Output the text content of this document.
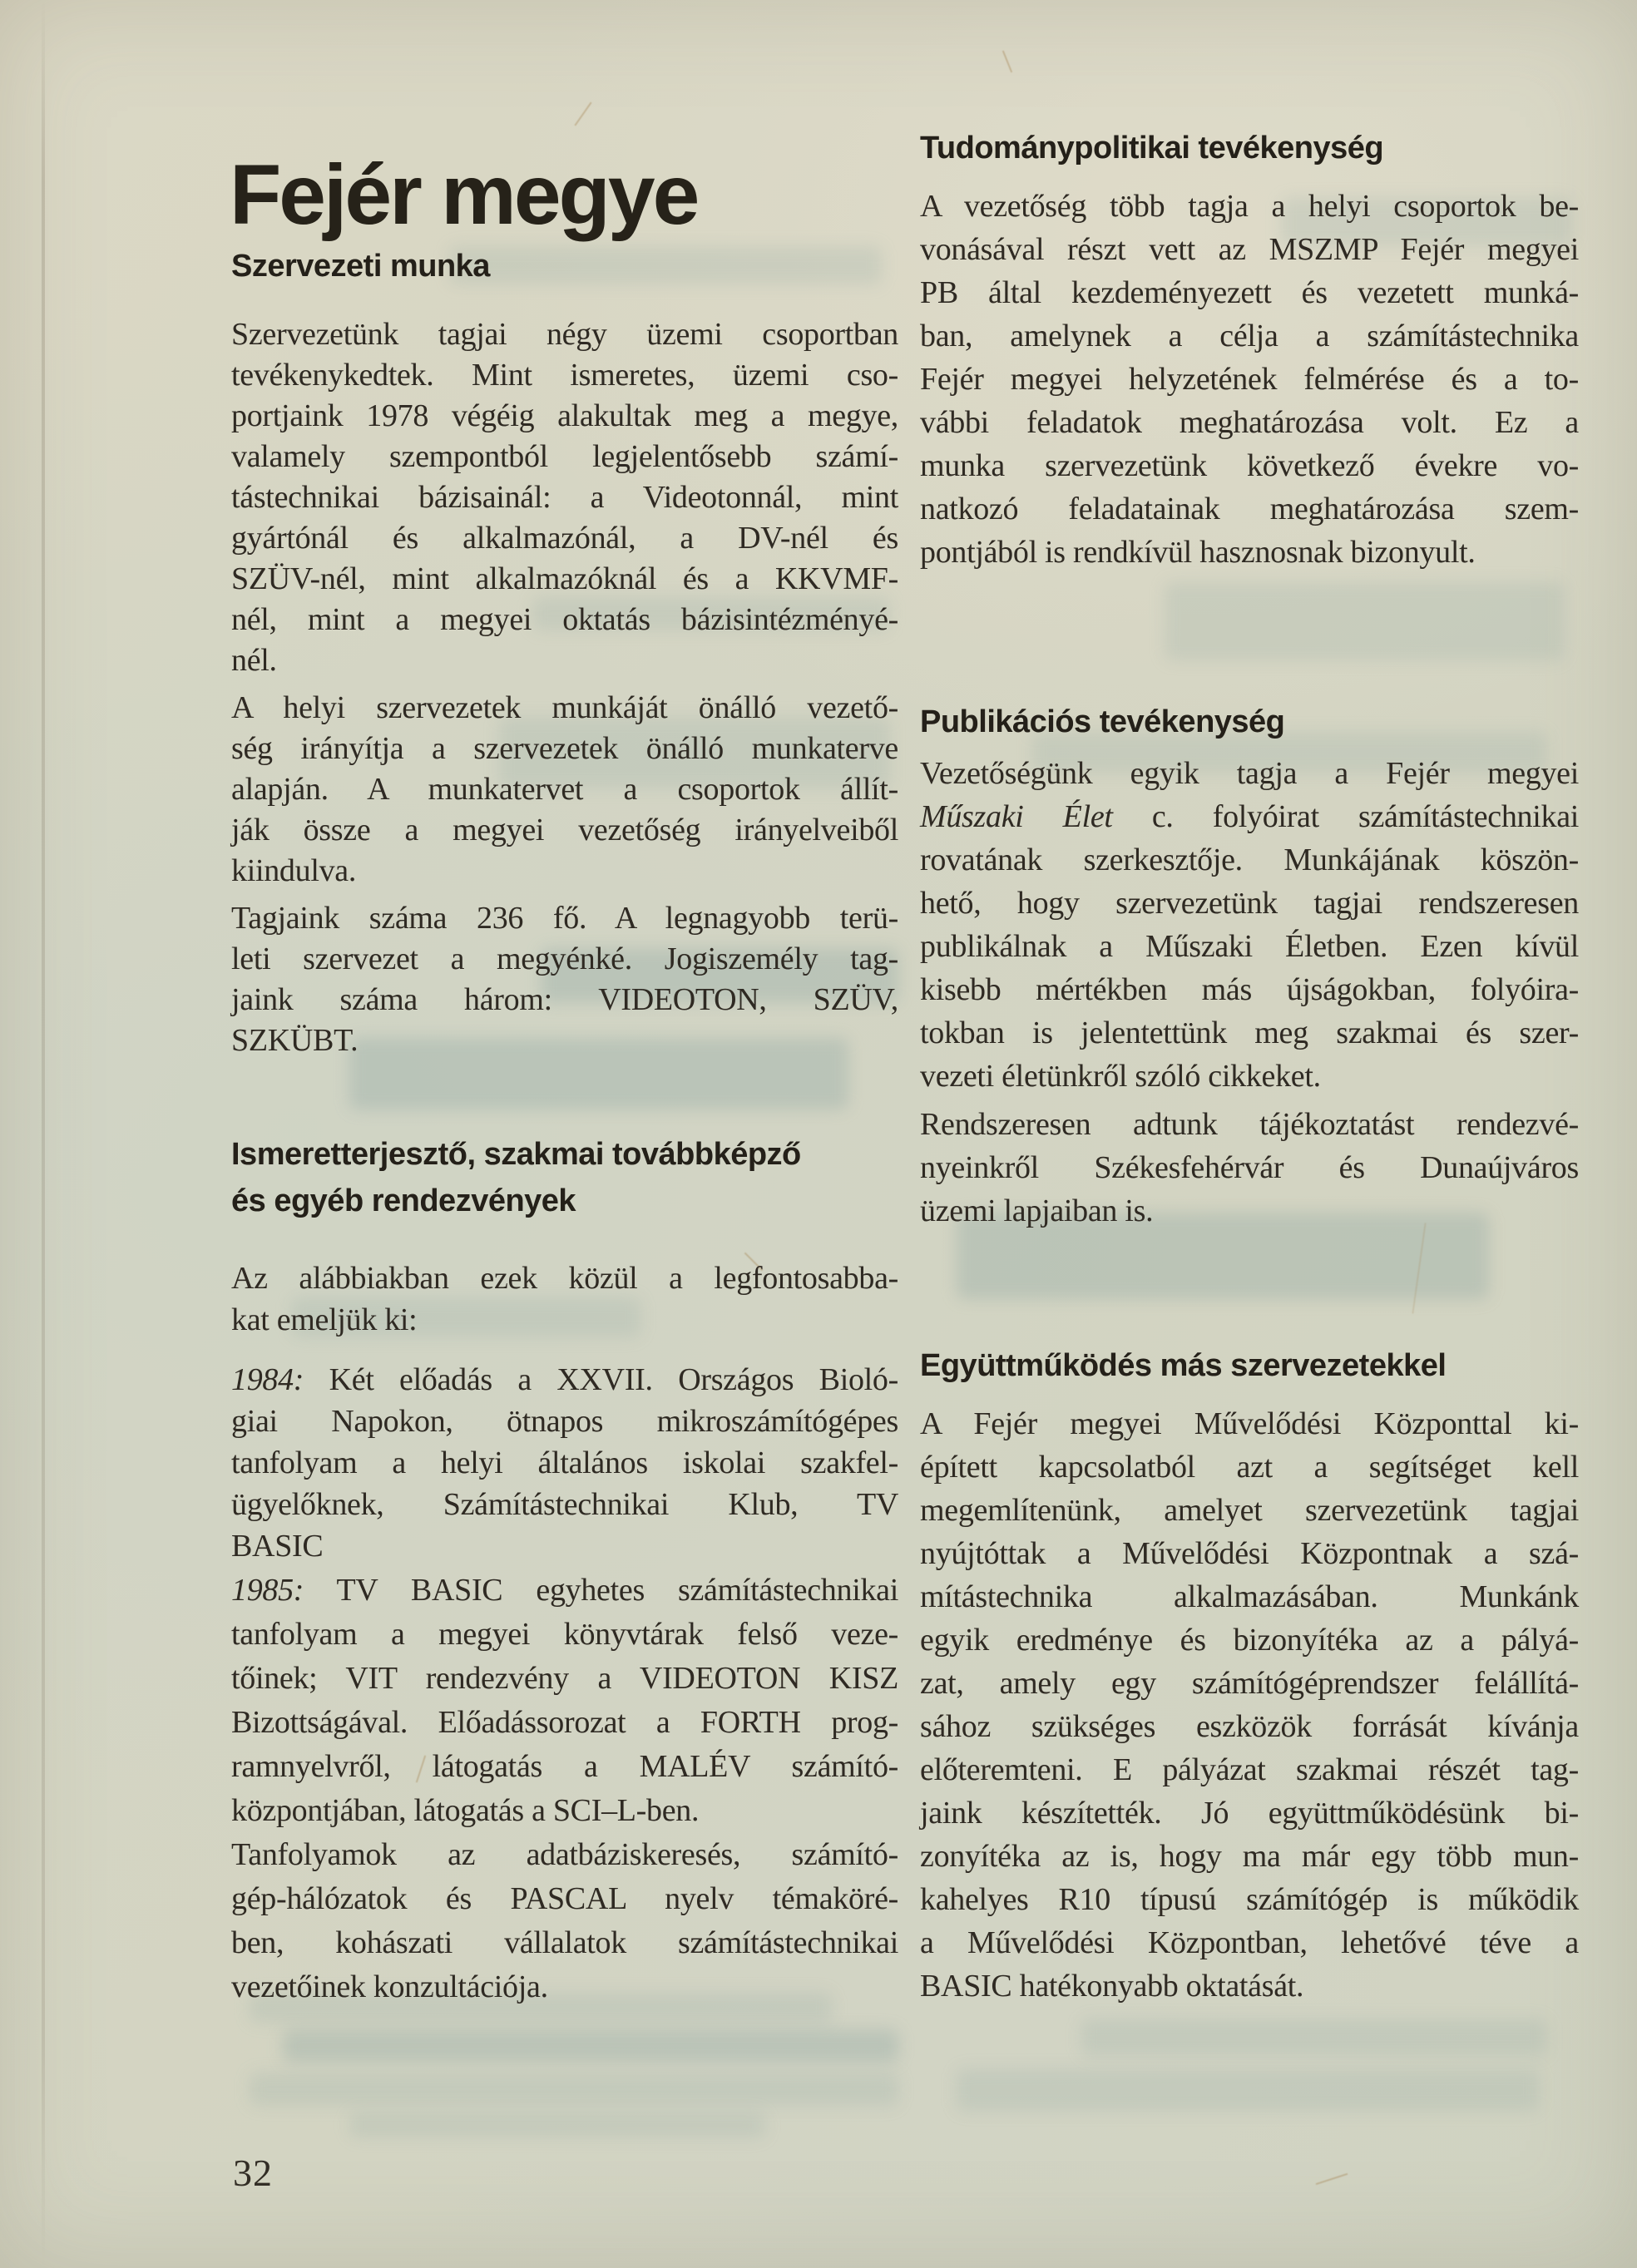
Fejér megye
Szervezeti munka
Szervezetünk tagjai négy üzemi csoportban
tevékenykedtek. Mint ismeretes, üzemi cso-
portjaink 1978 végéig alakultak meg a megye,
valamely szempontból legjelentősebb számí-
tástechnikai bázisainál: a Videotonnál, mint
gyártónál és alkalmazónál, a DV-nél és
SZÜV-nél, mint alkalmazóknál és a KKVMF-
nél, mint a megyei oktatás bázisintézményé-
nél.
A helyi szervezetek munkáját önálló vezető-
ség irányítja a szervezetek önálló munkaterve
alapján. A munkatervet a csoportok állít-
ják össze a megyei vezetőség irányelveiből
kiindulva.
Tagjaink száma 236 fő. A legnagyobb terü-
leti szervezet a megyénké. Jogiszemély tag-
jaink száma három: VIDEOTON, SZÜV,
SZKÜBT.
Ismeretterjesztő, szakmai továbbképző
és egyéb rendezvények
Az alábbiakban ezek közül a legfontosabba-
kat emeljük ki:
1984: Két előadás a XXVII. Országos Bioló-
giai Napokon, ötnapos mikroszámítógépes
tanfolyam a helyi általános iskolai szakfel-
ügyelőknek, Számítástechnikai Klub, TV
BASIC
1985: TV BASIC egyhetes számítástechnikai
tanfolyam a megyei könyvtárak felső veze-
tőinek; VIT rendezvény a VIDEOTON KISZ
Bizottságával. Előadássorozat a FORTH prog-
ramnyelvről, látogatás a MALÉV számító-
központjában, látogatás a SCI–L-ben.
Tanfolyamok az adatbáziskeresés, számító-
gép-hálózatok és PASCAL nyelv témaköré-
ben, kohászati vállalatok számítástechnikai
vezetőinek konzultációja.
32
Tudománypolitikai tevékenység
A vezetőség több tagja a helyi csoportok be-
vonásával részt vett az MSZMP Fejér megyei
PB által kezdeményezett és vezetett munká-
ban, amelynek a célja a számítástechnika
Fejér megyei helyzetének felmérése és a to-
vábbi feladatok meghatározása volt. Ez a
munka szervezetünk következő évekre vo-
natkozó feladatainak meghatározása szem-
pontjából is rendkívül hasznosnak bizonyult.
Publikációs tevékenység
Vezetőségünk egyik tagja a Fejér megyei
Műszaki Élet c. folyóirat számítástechnikai
rovatának szerkesztője. Munkájának köszön-
hető, hogy szervezetünk tagjai rendszeresen
publikálnak a Műszaki Életben. Ezen kívül
kisebb mértékben más újságokban, folyóira-
tokban is jelentettünk meg szakmai és szer-
vezeti életünkről szóló cikkeket.
Rendszeresen adtunk tájékoztatást rendezvé-
nyeinkről Székesfehérvár és Dunaújváros
üzemi lapjaiban is.
Együttműködés más szervezetekkel
A Fejér megyei Művelődési Központtal ki-
épített kapcsolatból azt a segítséget kell
megemlítenünk, amelyet szervezetünk tagjai
nyújtóttak a Művelődési Központnak a szá-
mítástechnika alkalmazásában. Munkánk
egyik eredménye és bizonyítéka az a pályá-
zat, amely egy számítógéprendszer felállítá-
sához szükséges eszközök forrását kívánja
előteremteni. E pályázat szakmai részét tag-
jaink készítették. Jó együttműködésünk bi-
zonyítéka az is, hogy ma már egy több mun-
kahelyes R10 típusú számítógép is működik
a Művelődési Központban, lehetővé téve a
BASIC hatékonyabb oktatását.
